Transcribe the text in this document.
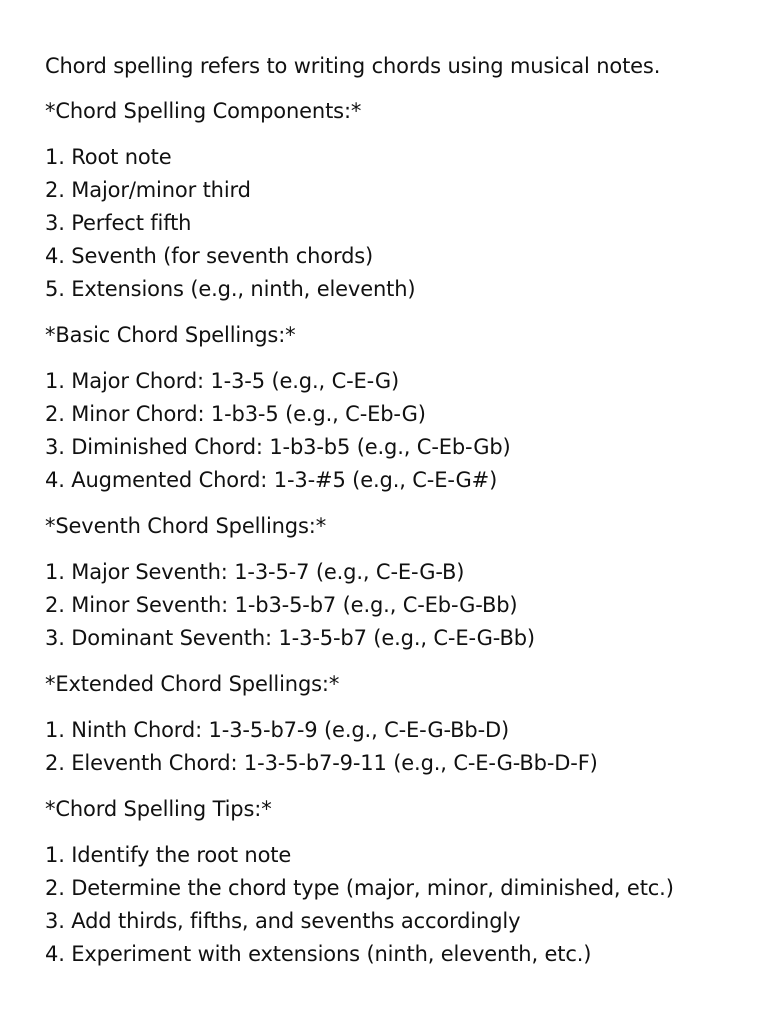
Chord spelling refers to writing chords using musical notes.
*Chord Spelling Components:*
1. Root note
2. Major/minor third
3. Perfect fifth
4. Seventh (for seventh chords)
5. Extensions (e.g., ninth, eleventh)
*Basic Chord Spellings:*
1. Major Chord: 1-3-5 (e.g., C-E-G)
2. Minor Chord: 1-b3-5 (e.g., C-Eb-G)
3. Diminished Chord: 1-b3-b5 (e.g., C-Eb-Gb)
4. Augmented Chord: 1-3-#5 (e.g., C-E-G#)
*Seventh Chord Spellings:*
1. Major Seventh: 1-3-5-7 (e.g., C-E-G-B)
2. Minor Seventh: 1-b3-5-b7 (e.g., C-Eb-G-Bb)
3. Dominant Seventh: 1-3-5-b7 (e.g., C-E-G-Bb)
*Extended Chord Spellings:*
1. Ninth Chord: 1-3-5-b7-9 (e.g., C-E-G-Bb-D)
2. Eleventh Chord: 1-3-5-b7-9-11 (e.g., C-E-G-Bb-D-F)
*Chord Spelling Tips:*
1. Identify the root note
2. Determine the chord type (major, minor, diminished, etc.)
3. Add thirds, fifths, and sevenths accordingly
4. Experiment with extensions (ninth, eleventh, etc.)
